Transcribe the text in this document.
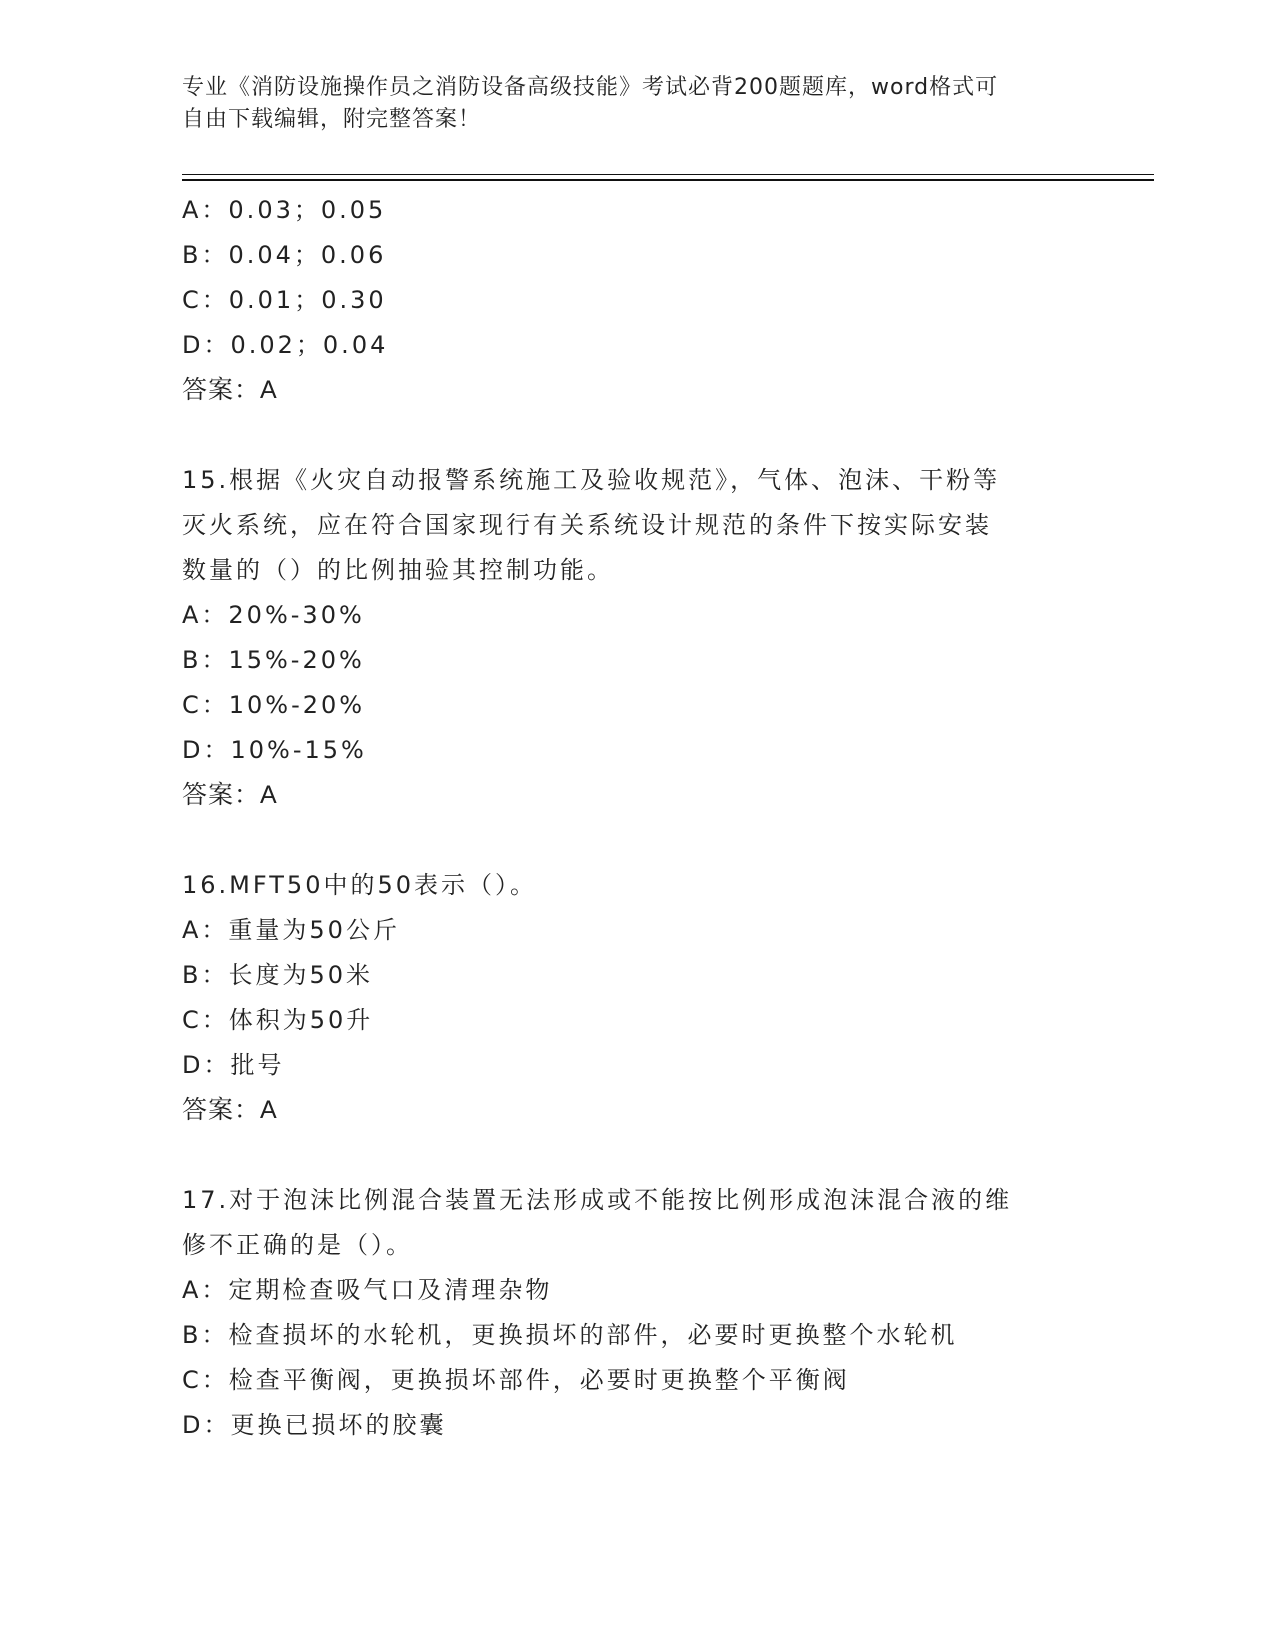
专业《消防设施操作员之消防设备高级技能》考试必背200题题库，word格式可
自由下载编辑，附完整答案！
A：0.03；0.05
B：0.04；0.06
C：0.01；0.30
D：0.02；0.04
答案：A
15.根据《火灾自动报警系统施工及验收规范》，气体、泡沫、干粉等
灭火系统，应在符合国家现行有关系统设计规范的条件下按实际安装
数量的（）的比例抽验其控制功能。
A：20%-30%
B：15%-20%
C：10%-20%
D：10%-15%
答案：A
16.MFT50中的50表示（）。
A：重量为50公斤
B：长度为50米
C：体积为50升
D：批号
答案：A
17.对于泡沫比例混合装置无法形成或不能按比例形成泡沫混合液的维
修不正确的是（）。
A：定期检查吸气口及清理杂物
B：检查损坏的水轮机，更换损坏的部件，必要时更换整个水轮机
C：检查平衡阀，更换损坏部件，必要时更换整个平衡阀
D：更换已损坏的胶囊
